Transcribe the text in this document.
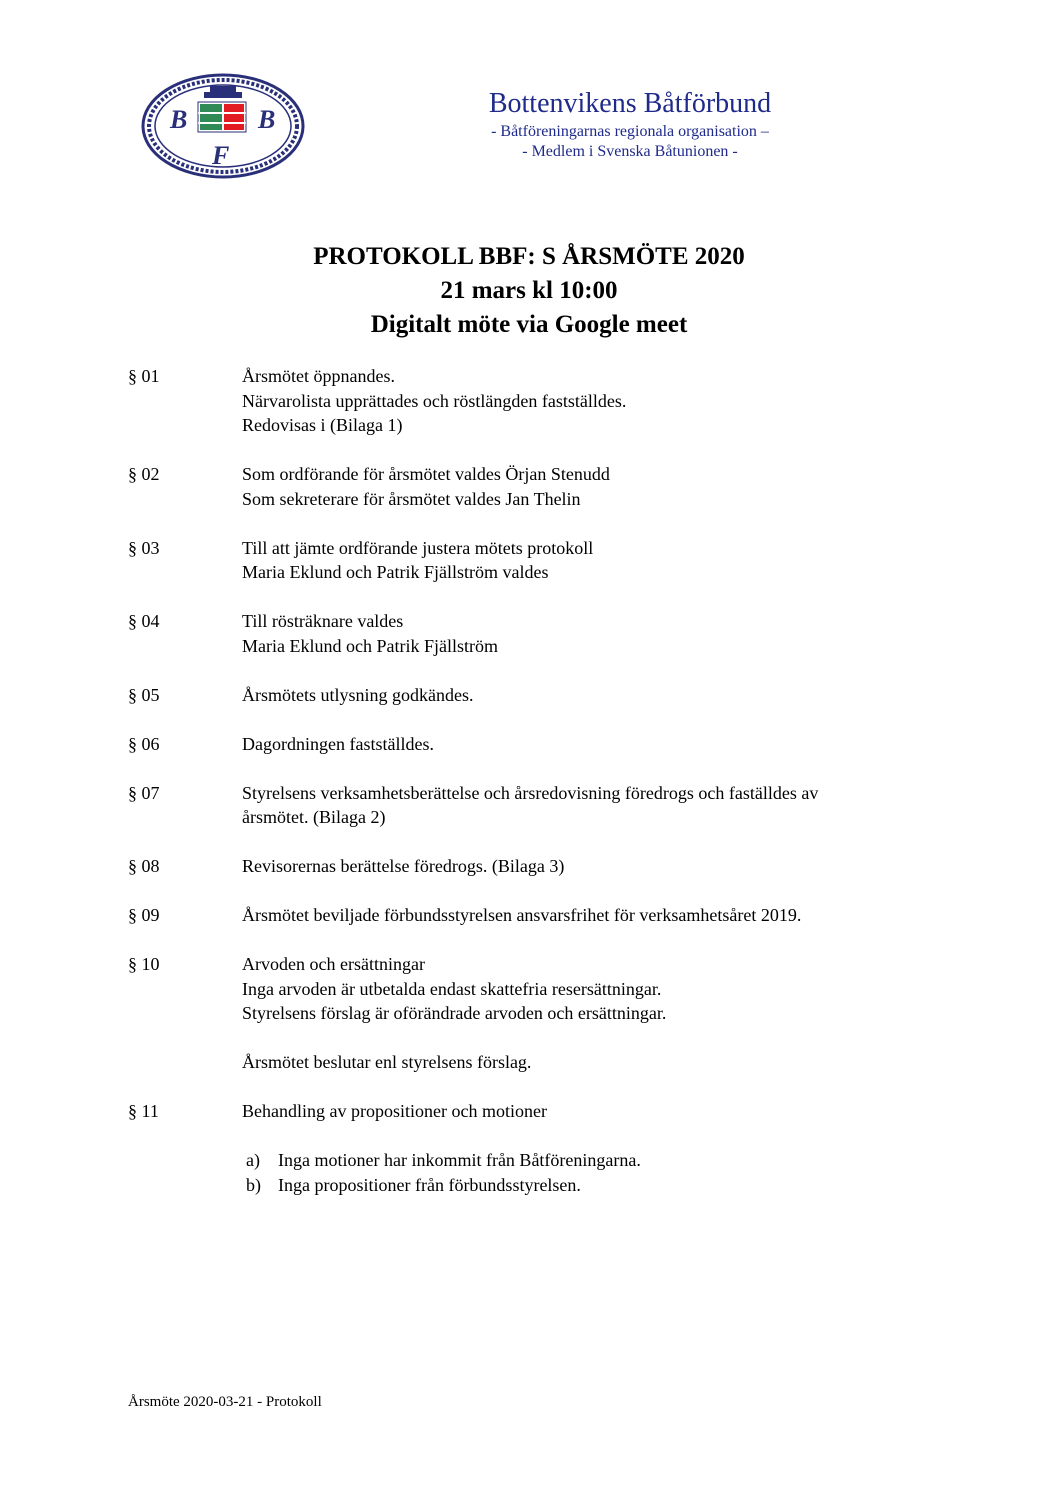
B	B
F
Bottenvikens Båtförbund
- Båtföreningarnas regionala organisation –
- Medlem i Svenska Båtunionen -
PROTOKOLL BBF: S ÅRSMÖTE 2020
21 mars kl 10:00
Digitalt möte via Google meet
§ 01	Årsmötet öppnandes.
Närvarolista upprättades och röstlängden fastställdes.
Redovisas i (Bilaga 1)
§ 02	Som ordförande för årsmötet valdes Örjan Stenudd
Som sekreterare för årsmötet valdes Jan Thelin
§ 03	Till att jämte ordförande justera mötets protokoll
Maria Eklund och Patrik Fjällström valdes
§ 04	Till rösträknare valdes
Maria Eklund och Patrik Fjällström
§ 05	Årsmötets utlysning godkändes.
§ 06	Dagordningen fastställdes.
§ 07	Styrelsens verksamhetsberättelse och årsredovisning föredrogs och faställdes av
årsmötet. (Bilaga 2)
§ 08	Revisorernas berättelse föredrogs. (Bilaga 3)
§ 09	Årsmötet beviljade förbundsstyrelsen ansvarsfrihet för verksamhetsåret 2019.
§ 10	Arvoden och ersättningar
Inga arvoden är utbetalda endast skattefria resersättningar.
Styrelsens förslag är oförändrade arvoden och ersättningar.
Årsmötet beslutar enl styrelsens förslag.
§ 11	Behandling av propositioner och motioner
a)	Inga motioner har inkommit från Båtföreningarna.
b) Inga propositioner från förbundsstyrelsen.
Årsmöte 2020-03-21 - Protokoll
